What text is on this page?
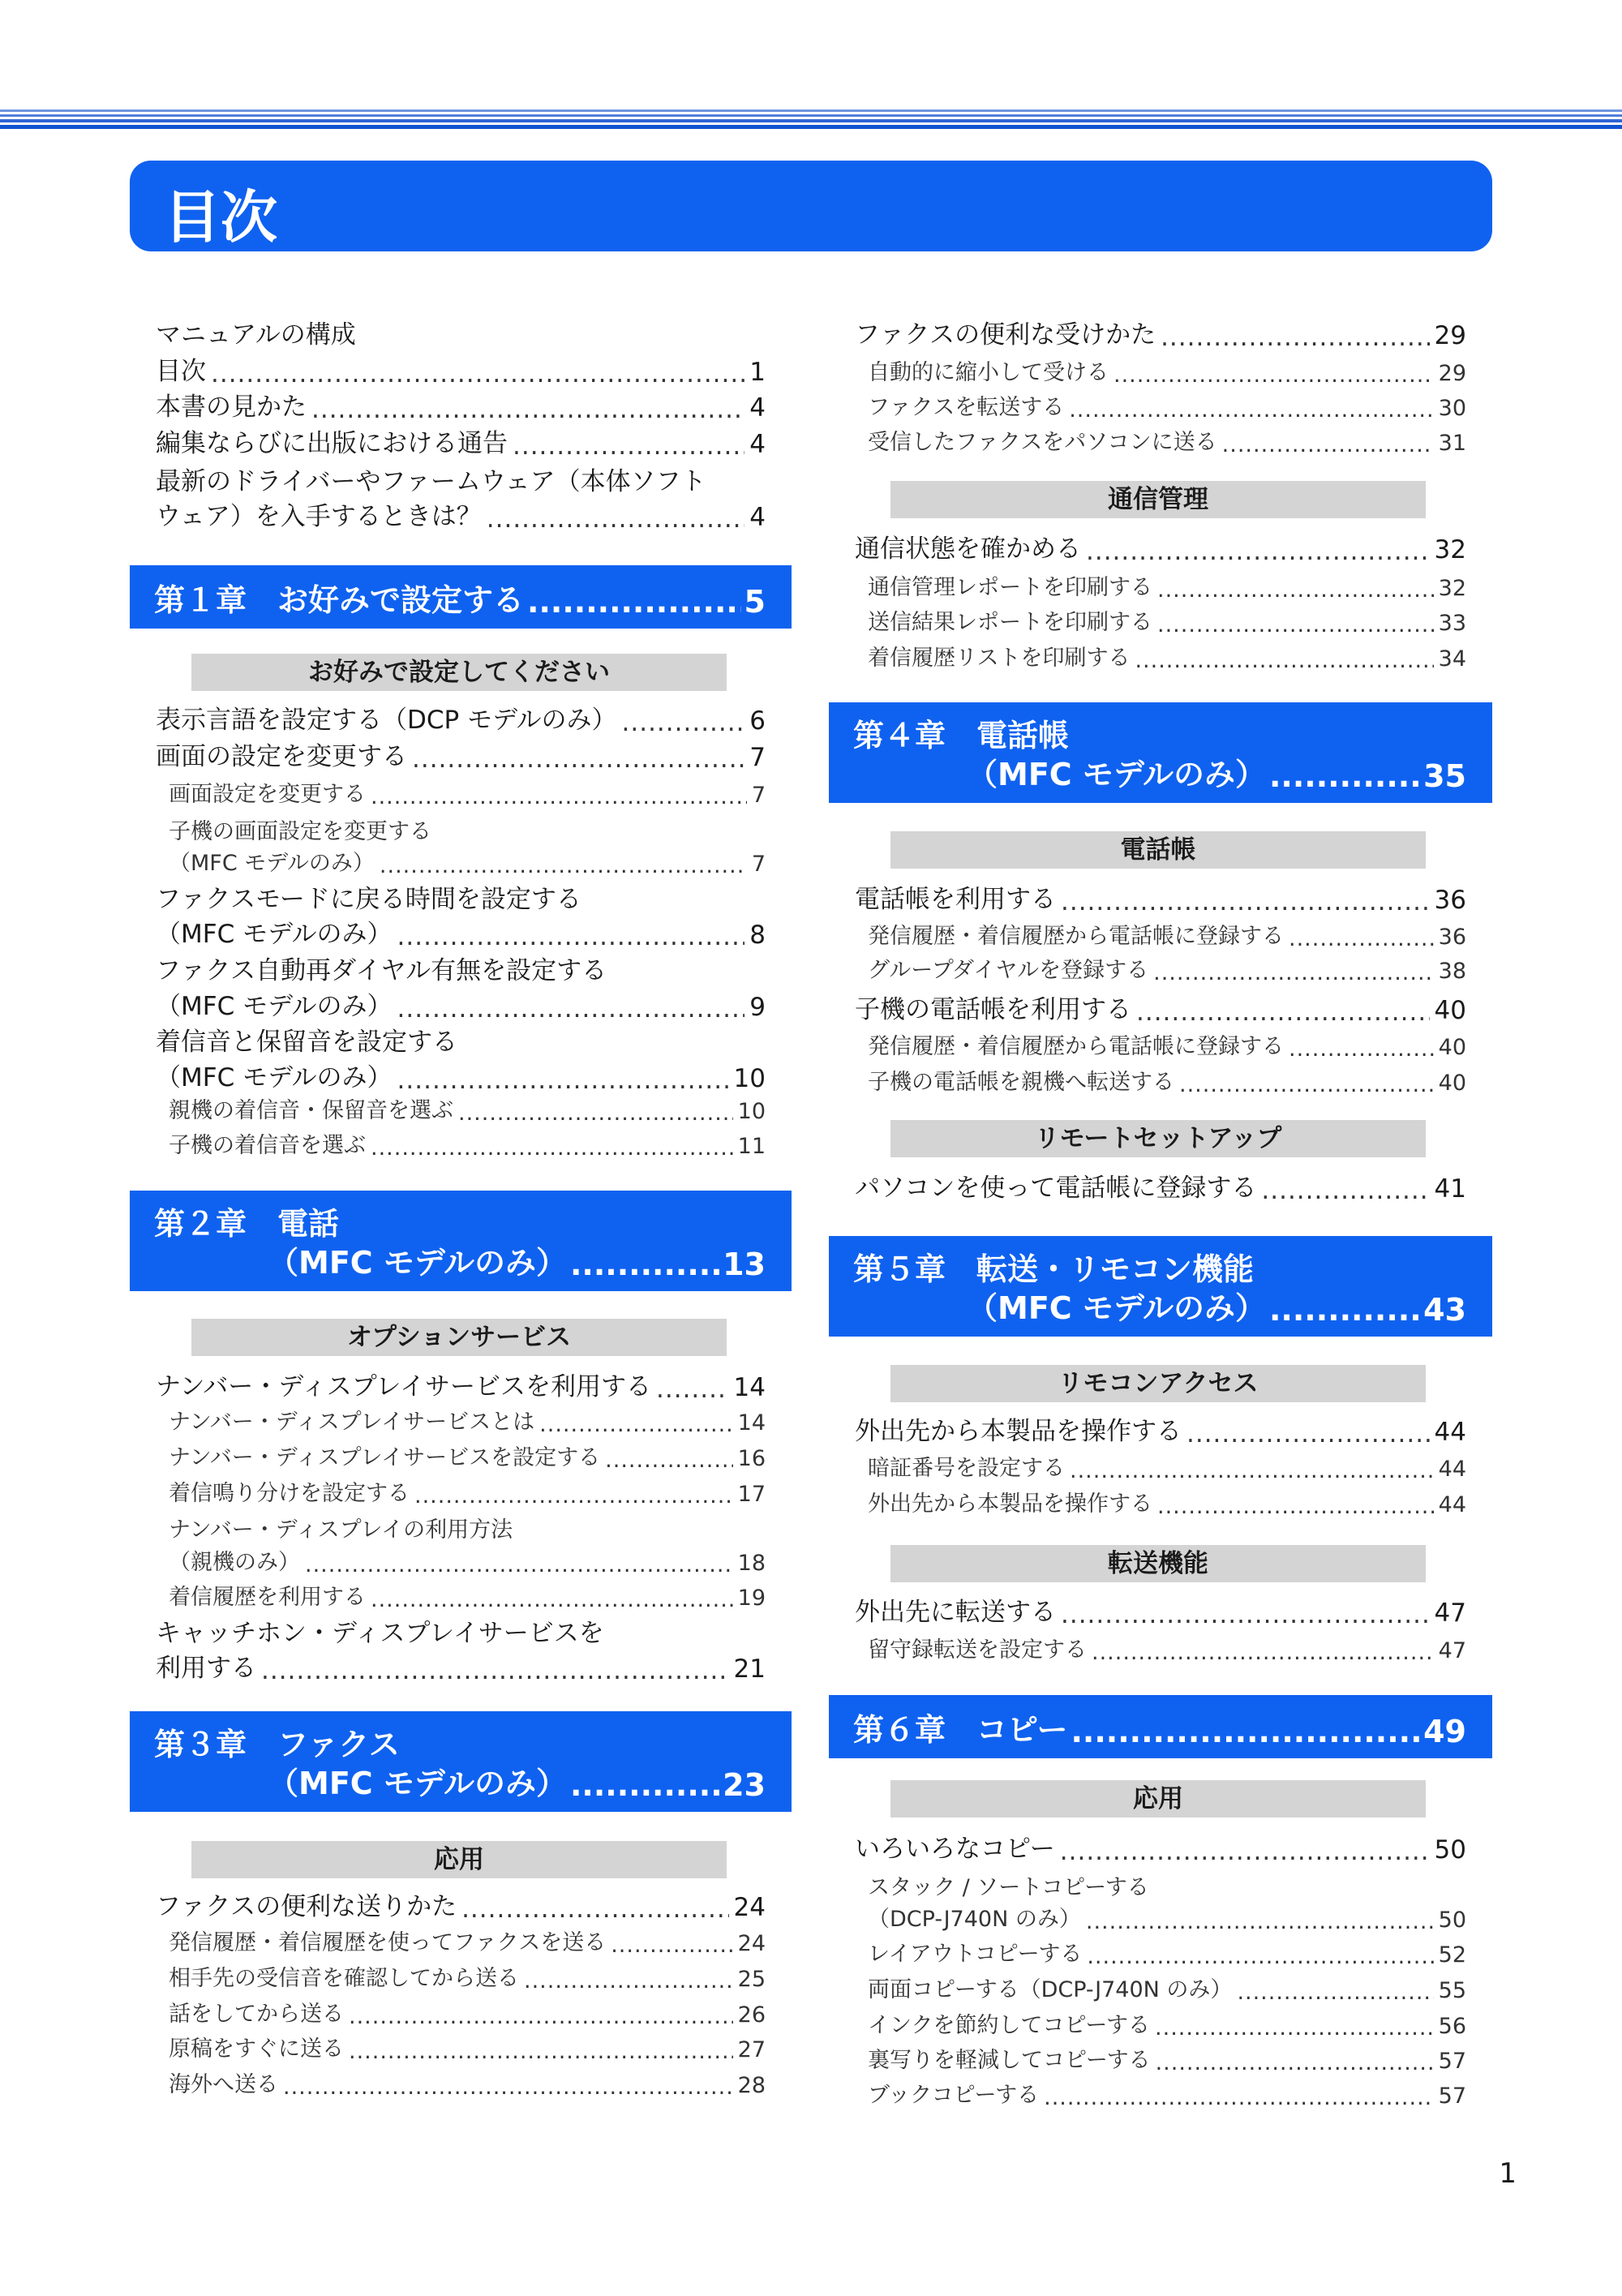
目次
マニュアルの構成
目次 .....	1
本書の見かた .....	4
編集ならびに出版における通告 .....	4
最新のドライバーやファームウェア（本体ソフト
ウェア）を入手するときは？ .....	4
第１章　お好みで設定する .....	5
お好みで設定してください
表示言語を設定する（DCP モデルのみ） .....	6
画面の設定を変更する .....	7
画面設定を変更する .....	7
子機の画面設定を変更する
（MFC モデルのみ） .....	7
ファクスモードに戻る時間を設定する
（MFC モデルのみ） .....	8
ファクス自動再ダイヤル有無を設定する
（MFC モデルのみ） .....	9
着信音と保留音を設定する
（MFC モデルのみ） .....	10
親機の着信音・保留音を選ぶ .....	10
子機の着信音を選ぶ .....	11
第２章　電話
（MFC モデルのみ） .....	13
オプションサービス
ナンバー・ディスプレイサービスを利用する .....	14
ナンバー・ディスプレイサービスとは .....	14
ナンバー・ディスプレイサービスを設定する .....	16
着信鳴り分けを設定する .....	17
ナンバー・ディスプレイの利用方法
（親機のみ） .....	18
着信履歴を利用する .....	19
キャッチホン・ディスプレイサービスを
利用する .....	21
第３章　ファクス
（MFC モデルのみ） .....	23
応用
ファクスの便利な送りかた .....	24
発信履歴・着信履歴を使ってファクスを送る .....	24
相手先の受信音を確認してから送る .....	25
話をしてから送る .....	26
原稿をすぐに送る .....	27
海外へ送る .....	28
ファクスの便利な受けかた .....	29
自動的に縮小して受ける .....	29
ファクスを転送する .....	30
受信したファクスをパソコンに送る .....	31
通信管理
通信状態を確かめる .....	32
通信管理レポートを印刷する .....	32
送信結果レポートを印刷する .....	33
着信履歴リストを印刷する .....	34
第４章　電話帳
（MFC モデルのみ） .....	35
電話帳
電話帳を利用する .....	36
発信履歴・着信履歴から電話帳に登録する .....	36
グループダイヤルを登録する .....	38
子機の電話帳を利用する .....	40
発信履歴・着信履歴から電話帳に登録する .....	40
子機の電話帳を親機へ転送する .....	40
リモートセットアップ
パソコンを使って電話帳に登録する .....	41
第５章　転送・リモコン機能
（MFC モデルのみ） .....	43
リモコンアクセス
外出先から本製品を操作する .....	44
暗証番号を設定する .....	44
外出先から本製品を操作する .....	44
転送機能
外出先に転送する .....	47
留守録転送を設定する .....	47
第６章　コピー .....	49
応用
いろいろなコピー .....	50
スタック / ソートコピーする
（DCP-J740N のみ） .....	50
レイアウトコピーする .....	52
両面コピーする（DCP-J740N のみ） .....	55
インクを節約してコピーする .....	56
裏写りを軽減してコピーする .....	57
ブックコピーする .....	57
1
